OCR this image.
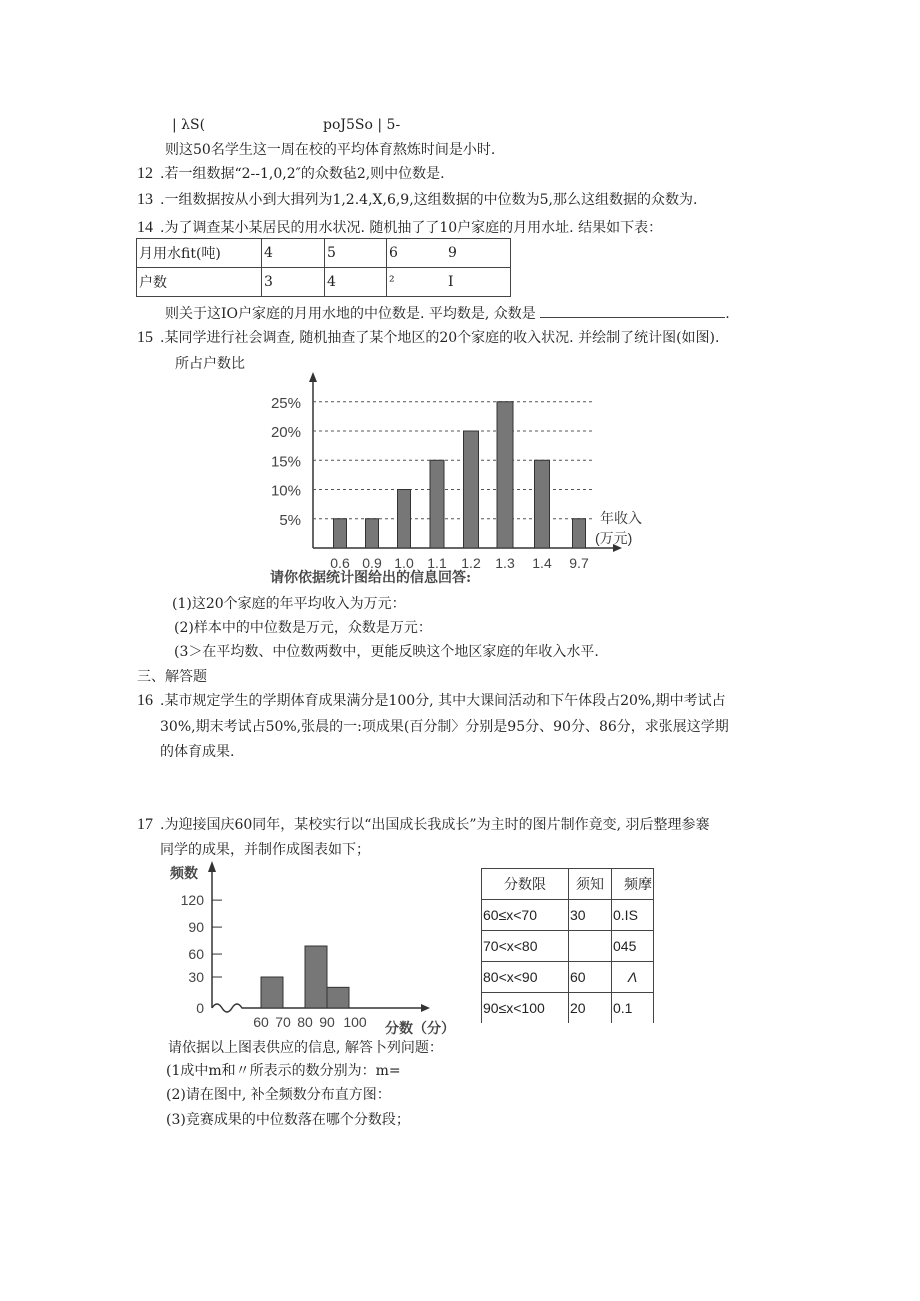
| λS(	poJ5So | 5-
则这50名学生这一周在校的平均体育熬炼时间是小时.
12 .若一组数据“2--1,0,2″的众数毡2,则中位数是.
13 .一组数据按从小到大揖列为1,2.4,X,6,9,这组数据的中位数为5,那么这组数据的众数为.
14 .为了调查某小某居民的用水状况. 随机抽了了10户家庭的月用水址. 结果如下表：
月用水fit(吨)	4	5	6	9
户数	3	4	²	I
则关于这IO户家庭的月用水地的中位数是. 平均数是, 众数是	.
15 .某同学进行社会调查, 随机抽查了某个地区的20个家庭的收入状况. 并绘制了统计图(如图).
所占户数比
5%
10%
15%
20%
25%
0.6 0.9 1.0 1.1 1.2 1.3 1.4 9.7
年收入
(万元)
请你依据统计图给出的信息回答:
(1)这20个家庭的年平均收入为万元：
(2)样本中的中位数是万元，众数是万元：
(3＞在平均数、中位数两数中，更能反映这个地区家庭的年收入水平.
三、解答题
16 .某市规定学生的学期体育成果满分是100分, 其中大课间活动和下午体段占20%,期中考试占
30%,期末考试占50%,张晨的一:项成果(百分制〉分别是95分、90分、86分，求张展这学期
的体育成果.
17 .为迎接国庆60同年，某校实行以“出国成长我成长”为主时的图片制作竟变, 羽后整理参褰
同学的成果，并制作成图表如下；
频数
0
30
60
90
120
60 70 80 90 100 分数（分）
分数限	须知	频摩
60≤x<70	30	0.IS
70<x<80		045
80<x<90	60	Λ
90≤x<100	20	0.1
请依据以上图表供应的信息, 解答卜列问题：
(1成中m和〃所表示的数分别为：m=
(2)请在图中, 补全频数分布直方图：
(3)竞赛成果的中位数落在哪个分数段；
